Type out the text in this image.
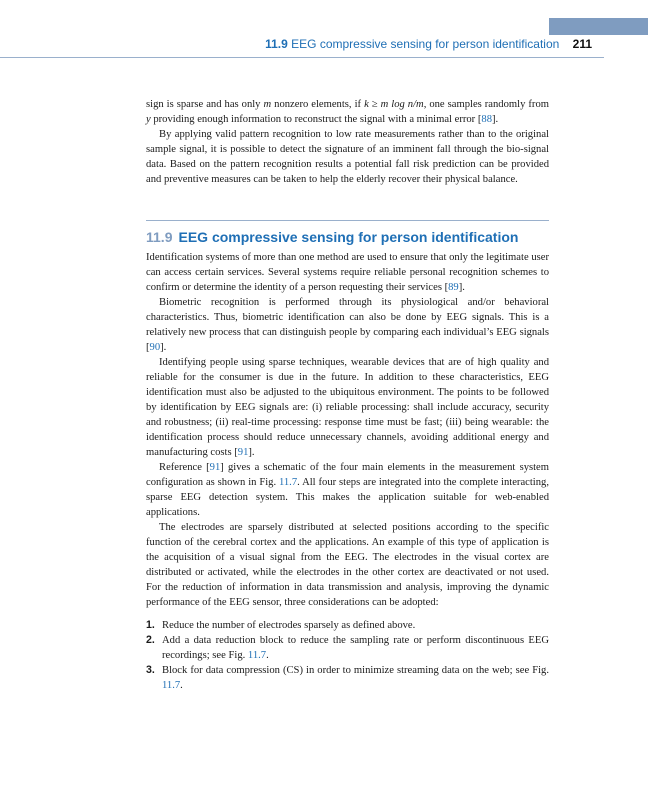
11.9 EEG compressive sensing for person identification 211

sign is sparse and has only m nonzero elements, if k ≥ m log n/m, one samples randomly from y providing enough information to reconstruct the signal with a minimal error [88].

By applying valid pattern recognition to low rate measurements rather than to the original sample signal, it is possible to detect the signature of an imminent fall through the bio-signal data. Based on the pattern recognition results a potential fall risk prediction can be provided and preventive measures can be taken to help the elderly recover their physical balance.

11.9 EEG compressive sensing for person identification

Identification systems of more than one method are used to ensure that only the legitimate user can access certain services. Several systems require reliable personal recognition schemes to confirm or determine the identity of a person requesting their services [89].

Biometric recognition is performed through its physiological and/or behavioral characteristics. Thus, biometric identification can also be done by EEG signals. This is a relatively new process that can distinguish people by comparing each individual’s EEG signals [90].

Identifying people using sparse techniques, wearable devices that are of high quality and reliable for the consumer is due in the future. In addition to these characteristics, EEG identification must also be adjusted to the ubiquitous environment. The points to be followed by identification by EEG signals are: (i) reliable processing: shall include accuracy, security and robustness; (ii) real-time processing: response time must be fast; (iii) being wearable: the identification process should reduce unnecessary channels, avoiding additional energy and manufacturing costs [91].

Reference [91] gives a schematic of the four main elements in the measurement system configuration as shown in Fig. 11.7. All four steps are integrated into the complete interacting, sparse EEG detection system. This makes the application suitable for web-enabled applications.

The electrodes are sparsely distributed at selected positions according to the specific function of the cerebral cortex and the applications. An example of this type of application is the acquisition of a visual signal from the EEG. The electrodes in the visual cortex are distributed or activated, while the electrodes in the other cortex are deactivated or not used. For the reduction of information in data transmission and analysis, improving the dynamic performance of the EEG sensor, three considerations can be adopted:

1. Reduce the number of electrodes sparsely as defined above.
2. Add a data reduction block to reduce the sampling rate or perform discontinuous EEG recordings; see Fig. 11.7.
3. Block for data compression (CS) in order to minimize streaming data on the web; see Fig. 11.7.
